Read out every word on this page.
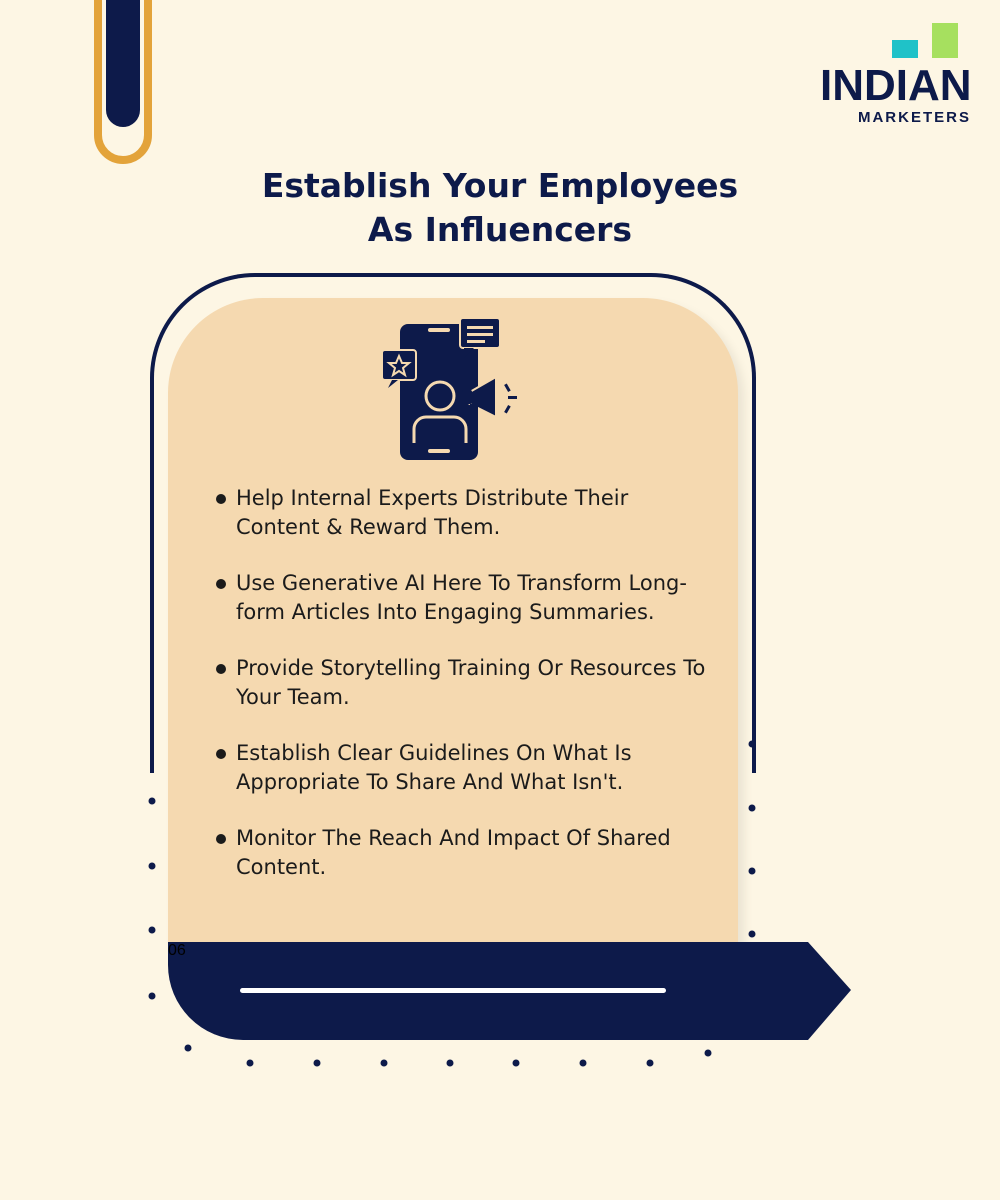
INDIAN
MARKETERS
Establish Your Employees
As Influencers
Help Internal Experts Distribute Their Content & Reward Them.
Use Generative AI Here To Transform Long-form Articles Into Engaging Summaries.
Provide Storytelling Training Or Resources To Your Team.
Establish Clear Guidelines On What Is Appropriate To Share And What Isn't.
Monitor The Reach And Impact Of Shared Content.
06
